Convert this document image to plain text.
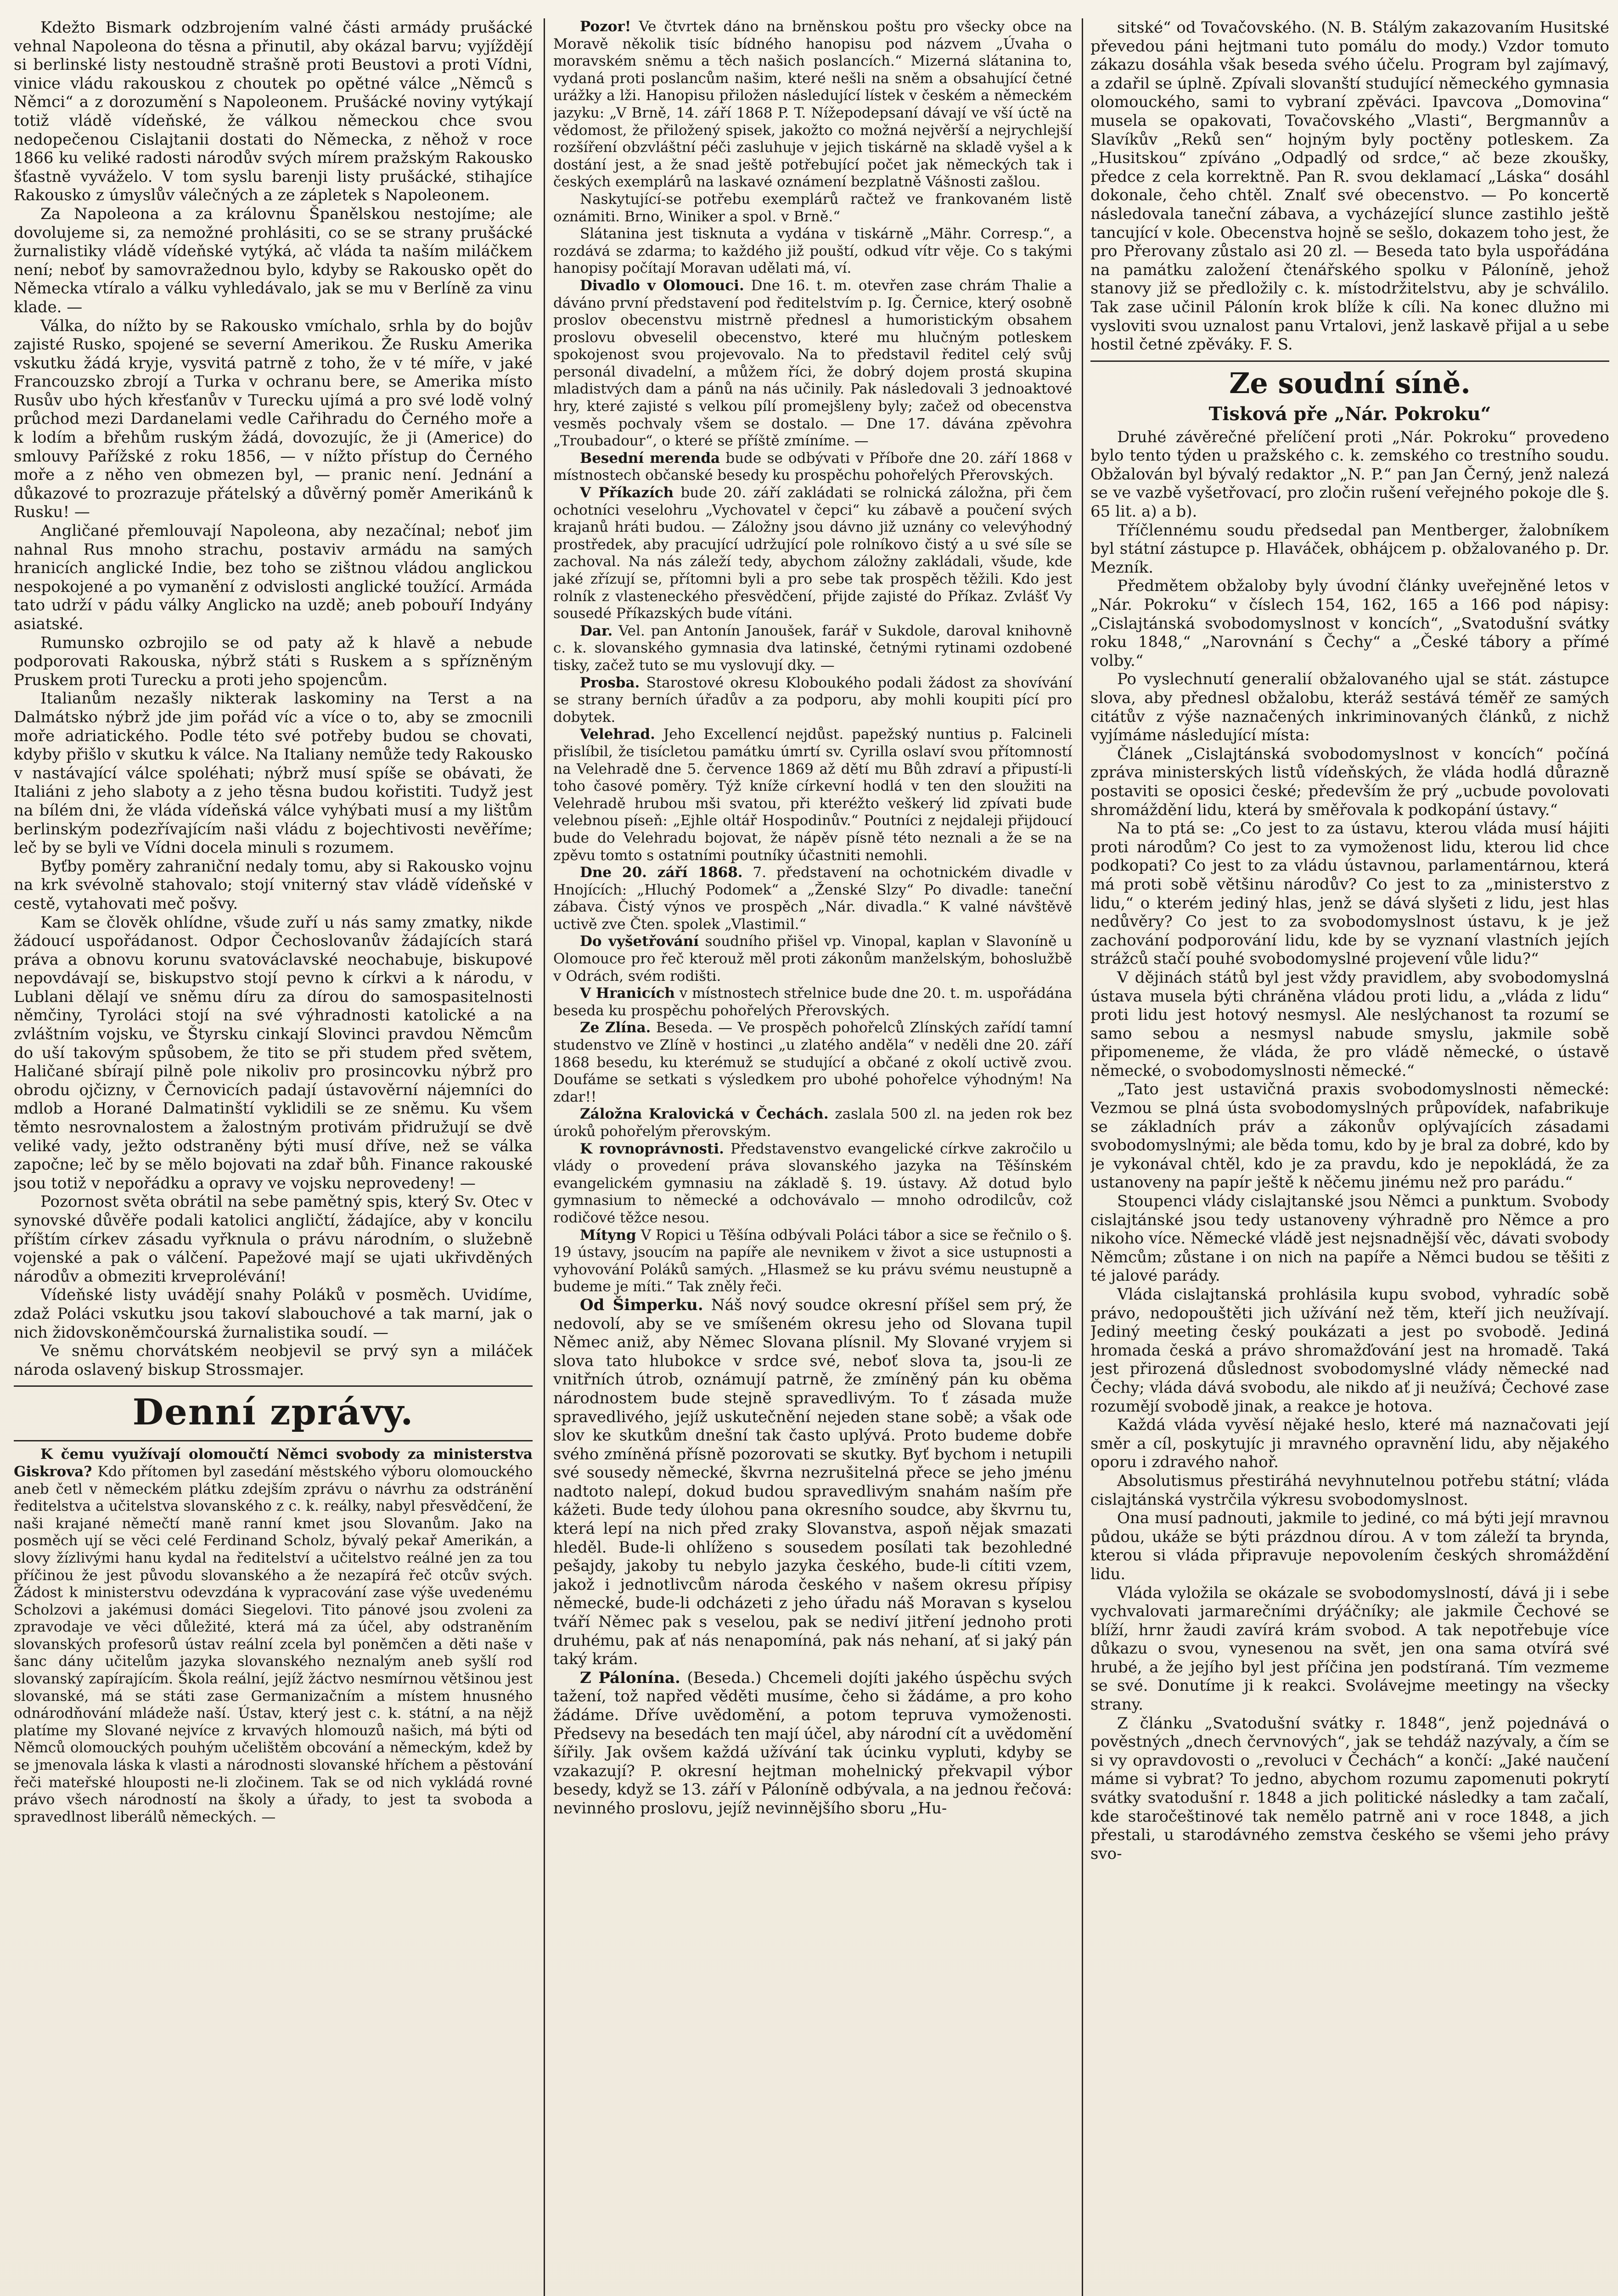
Kdežto Bismark odzbrojením valné části armády prušácké vehnal Napoleona do těsna a přinutil, aby okázal barvu; vyjíždějí si berlinské listy nestoudně strašně proti Beustovi a proti Vídni, vinice vládu rakouskou z choutek po opětné válce „Němců s Němci“ a z dorozumění s Napoleonem. Prušácké noviny vytýkají totiž vládě vídeňské, že válkou německou chce svou nedopečenou Cislajtanii dostati do Německa, z něhož v roce 1866 ku veliké radosti národův svých mírem pražským Rakousko šťastně vyváželo. V tom syslu barenji listy prušácké, stihajíce Rakousko z úmyslův válečných a ze zápletek s Napoleonem.

Za Napoleona a za královnu Španělskou nestojíme; ale dovolujeme si, za nemožné prohlásiti, co se se strany prušácké žurnalistiky vládě vídeňské vytýká, ač vláda ta naším miláčkem není; neboť by samovražednou bylo, kdyby se Rakousko opět do Německa vtíralo a válku vyhledávalo, jak se mu v Berlíně za vinu klade. —

Válka, do nížto by se Rakousko vmíchalo, srhla by do bojův zajisté Rusko, spojené se severní Amerikou. Že Rusku Amerika vskutku žádá kryje, vysvitá patrně z toho, že v té míře, v jaké Francouzsko zbrojí a Turka v ochranu bere, se Amerika místo Rusův ubo hých křesťanův v Turecku ujímá a pro své lodě volný průchod mezi Dardanelami vedle Cařihradu do Černého moře a k lodím a břehům ruským žádá, dovozujíc, že ji (Americe) do smlouvy Pařížské z roku 1856, — v nížto přístup do Černého moře a z něho ven obmezen byl, — pranic není. Jednání a důkazové to prozrazuje přátelský a důvěrný poměr Amerikánů k Rusku! —

Angličané přemlouvají Napoleona, aby nezačínal; neboť jim nahnal Rus mnoho strachu, postaviv armádu na samých hranicích anglické Indie, bez toho se zištnou vládou anglickou nespokojené a po vymanění z odvislosti anglické toužící. Armáda tato udrží v pádu války Anglicko na uzdě; aneb pobouří Indyány asiatské.

Rumunsko ozbrojilo se od paty až k hlavě a nebude podporovati Rakouska, nýbrž státi s Ruskem a s spřízněným Pruskem proti Turecku a proti jeho spojencům.

Italianům nezašly nikterak laskominy na Terst a na Dalmátsko nýbrž jde jim pořád víc a více o to, aby se zmocnili moře adriatického. Podle této své potřeby budou se chovati, kdyby přišlo v skutku k válce. Na Italiany nemůže tedy Rakousko v nastávající válce spoléhati; nýbrž musí spíše se obávati, že Italiáni z jeho slaboty a z jeho těsna budou kořistiti. Tudyž jest na bílém dni, že vláda vídeňská válce vyhýbati musí a my lištům berlinským podezřívajícím naši vládu z bojechtivosti nevěříme; leč by se byli ve Vídni docela minuli s rozumem.

Byťby poměry zahraniční nedaly tomu, aby si Rakousko vojnu na krk svévolně stahovalo; stojí vniterný stav vládě vídeňské v cestě, vytahovati meč pošvy.

Kam se člověk ohlídne, všude zuří u nás samy zmatky, nikde žádoucí uspořádanost. Odpor Čechoslovanův žádajících stará práva a obnovu korunu svatováclavské neochabuje, biskupové nepovdávají se, biskupstvo stojí pevno k církvi a k národu, v Lublani dělají ve sněmu díru za dírou do samospasitelnosti němčiny, Tyroláci stojí na své výhradnosti katolické a na zvláštním vojsku, ve Štyrsku cinkají Slovinci pravdou Němcům do uší takovým spůsobem, že tito se při studem před světem, Haličané sbírají pilně pole nikoliv pro prosincovku nýbrž pro obrodu ojčizny, v Černovicích padají ústavověrní nájemníci do mdlob a Horané Dalmatinští vyklidili se ze sněmu. Ku všem těmto nesrovnalostem a žalostným protivám přidružují se dvě veliké vady, ježto odstraněny býti musí dříve, než se válka započne; leč by se mělo bojovati na zdař bůh. Finance rakouské jsou totiž v nepořádku a opravy ve vojsku neprovedeny! —

Pozornost světa obrátil na sebe pamětný spis, který Sv. Otec v synovské důvěře podali katolici angličtí, žádajíce, aby v koncilu příštím církev zásadu vyřknula o právu národním, o služebně vojenské a pak o válčení. Papežové mají se ujati ukřivděných národův a obmeziti krveprolévání!

Vídeňské listy uvádějí snahy Poláků v posměch. Uvidíme, zdaž Poláci vskutku jsou takoví slabouchové a tak marní, jak o nich židovskoněmčourská žurnalistika soudí. —

Ve sněmu chorvátském neobjevil se prvý syn a miláček národa oslavený biskup Strossmajer.

Denní zprávy.

K čemu využívají olomoučtí Němci svobody za ministerstva Giskrova? Kdo přítomen byl zasedání městského výboru olomouckého aneb četl v německém plátku zdejším zprávu o návrhu za odstránění ředitelstva a učitelstva slovanského z c. k. reálky, nabyl přesvědčení, že naši krajané němečtí maně ranní kmet jsou Slovanům. Jako na posměch ují se věci celé Ferdinand Scholz, bývalý pekař Amerikán, a slovy žízlivými hanu kydal na ředitelství a učitelstvo reálné jen za tou příčinou že jest původu slovanského a že nezapírá řeč otcův svých. Žádost k ministerstvu odevzdána k vypracování zase výše uvedenému Scholzovi a jakémusi domáci Siegelovi. Tito pánové jsou zvoleni za zpravodaje ve věci důležité, která má za účel, aby odstraněním slovanských profesorů ústav reální zcela byl poněmčen a děti naše v šanc dány učitelům jazyka slovanského neznalým aneb syšlí rod slovanský zapírajícím. Škola reální, jejíž žáctvo nesmírnou většinou jest slovanské, má se státi zase Germanizačním a místem hnusného odnárodňování mládeže naší. Ústav, který jest c. k. státní, a na nějž platíme my Slované nejvíce z krvavých hlomouzů našich, má býti od Němců olomouckých pouhým učelištěm obcování a německým, kdež by se jmenovala láska k vlasti a národnosti slovanské hříchem a pěstování řeči mateřské hlouposti ne-li zločinem. Tak se od nich vykládá rovné právo všech národností na školy a úřady, to jest ta svoboda a spravedlnost liberálů německých. —

Pozor! Ve čtvrtek dáno na brněnskou poštu pro všecky obce na Moravě několik tisíc bídného hanopisu pod názvem „Úvaha o moravském sněmu a těch našich poslancích.“ Mizerná slátanina to, vydaná proti poslancům našim, které nešli na sněm a obsahující četné urážky a lži. Hanopisu přiložen následující lístek v českém a německém jazyku: „V Brně, 14. září 1868 P. T. Nížepodepsaní dávají ve vší úctě na vědomost, že přiložený spisek, jakožto co možná nejvěrší a nejrychlejší rozšíření obzvláštní péči zasluhuje v jejich tiskárně na skladě vyšel a k dostání jest, a že snad ještě potřebující počet jak německých tak i českých exemplárů na laskavé oznámení bezplatně Vášnosti zašlou.

Naskytující-se potřebu exemplárů račtež ve frankovaném listě oznámiti. Brno, Winiker a spol. v Brně.“

Slátanina jest tisknuta a vydána v tiskárně „Mähr. Corresp.“, a rozdává se zdarma; to každého již pouští, odkud vítr věje. Co s takými hanopisy počítají Moravan udělati má, ví.

Divadlo v Olomouci. Dne 16. t. m. otevřen zase chrám Thalie a dáváno první představení pod ředitelstvím p. Ig. Černice, který osobně proslov obecenstvu mistrně přednesl a humoristickým obsahem proslovu obveselil obecenstvo, které mu hlučným potleskem spokojenost svou projevovalo. Na to představil ředitel celý svůj personál divadelní, a můžem říci, že dobrý dojem prostá skupina mladistvých dam a pánů na nás učinily. Pak následovali 3 jednoaktové hry, které zajisté s velkou pílí promejšleny byly; začež od obecenstva vesměs pochvaly všem se dostalo. — Dne 17. dávána zpěvohra „Troubadour“, o které se příště zmíníme. —

Besední merenda bude se odbývati v Příboře dne 20. září 1868 v místnostech občanské besedy ku prospěchu pohořelých Přerovských.

V Příkazích bude 20. září zakládati se rolnická záložna, při čem ochotníci veselohru „Vychovatel v čepci“ ku zábavě a poučení svých krajanů hráti budou. — Záložny jsou dávno již uznány co velevýhodný prostředek, aby pracující udržující pole rolníkovo čistý a u své síle se zachoval. Na nás záleží tedy, abychom záložny zakládali, všude, kde jaké zřízují se, přítomni byli a pro sebe tak prospěch těžili. Kdo jest rolník z vlasteneckého přesvědčení, přijde zajisté do Příkaz. Zvlášť Vy sousedé Příkazských bude vítáni.

Dar. Vel. pan Antonín Janoušek, farář v Sukdole, daroval knihovně c. k. slovanského gymnasia dva latinské, četnými rytinami ozdobené tisky, začež tuto se mu vyslovují dky. —

Prosba. Starostové okresu Kloboukého podali žádost za shovívání se strany berních úřadův a za podporu, aby mohli koupiti pící pro dobytek.

Velehrad. Jeho Excellencí nejdůst. papežský nuntius p. Falcineli přislíbil, že tisícletou památku úmrtí sv. Cyrilla oslaví svou přítomností na Velehradě dne 5. července 1869 až dětí mu Bůh zdraví a připustí-li toho časové poměry. Týž kníže církevní hodlá v ten den sloužiti na Velehradě hrubou mši svatou, při kteréžto veškerý lid zpívati bude velebnou píseň: „Ejhle oltář Hospodinův.“ Poutníci z nejdaleji přijdoucí bude do Velehradu bojovat, že nápěv písně této neznali a že se na zpěvu tomto s ostatními poutníky účastniti nemohli.

Dne 20. září 1868. 7. představení na ochotnickém divadle v Hnojících: „Hluchý Podomek“ a „Ženské Slzy“ Po divadle: taneční zábava. Čistý výnos ve prospěch „Nár. divadla.“ K valné návštěvě uctivě zve Čten. spolek „Vlastimil.“

Do vyšetřování soudního přišel vp. Vinopal, kaplan v Slavoníně u Olomouce pro řeč kterouž měl proti zákonům manželským, bohoslužbě v Odrách, svém rodišti.

V Hranicích v místnostech střelnice bude dne 20. t. m. uspořádána beseda ku prospěchu pohořelých Přerovských.

Ze Zlína. Beseda. — Ve prospěch pohořelců Zlínských zařídí tamní studenstvo ve Zlíně v hostinci „u zlatého anděla“ v neděli dne 20. září 1868 besedu, ku kterémuž se studující a občané z okolí uctivě zvou. Doufáme se setkati s výsledkem pro ubohé pohořelce výhodným! Na zdar!!

Záložna Kralovická v Čechách. zaslala 500 zl. na jeden rok bez úroků pohořelým přerovským.

K rovnoprávnosti. Představenstvo evangelické církve zakročilo u vlády o provedení práva slovanského jazyka na Těšínském evangelickém gymnasiu na základě §. 19. ústavy. Až dotud bylo gymnasium to německé a odchovávalo — mnoho odrodilcův, což rodičové těžce nesou.

Mítyng V Ropici u Těšína odbývali Poláci tábor a sice se řečnilo o §. 19 ústavy, jsoucím na papíře ale nevnikem v život a sice ustupnosti a vyhovování Poláků samých. „Hlasmež se ku právu svému neustupně a budeme je míti.“ Tak zněly řeči.

Od Šimperku. Náš nový soudce okresní příšel sem prý, že nedovolí, aby se ve smíšeném okresu jeho od Slovana tupil Němec aniž, aby Němec Slovana plísnil. My Slované vryjem si slova tato hlubokce v srdce své, neboť slova ta, jsou-li ze vnitřních útrob, oznámují patrně, že zmíněný pán ku oběma národnostem bude stejně spravedlivým. To ť zásada muže spravedlivého, jejíž uskutečnění nejeden stane sobě; a však ode slov ke skutkům dnešní tak často uplývá. Proto budeme dobře svého zmíněná přísně pozorovati se skutky. Byť bychom i netupili své sousedy německé, škvrna nezrušitelná přece se jeho jménu nadtoto nalepí, dokud budou spravedlivým snahám naším pře kážeti. Bude tedy úlohou pana okresního soudce, aby škvrnu tu, která lepí na nich před zraky Slovanstva, aspoň nějak smazati hleděl. Bude-li ohlíženo s sousedem posílati tak bezohledné pešajdy, jakoby tu nebylo jazyka českého, bude-li cítiti vzem, jakož i jednotlivcům národa českého v našem okresu přípisy německé, bude-li odcházeti z jeho úřadu náš Moravan s kyselou tváří Němec pak s veselou, pak se nediví jitření jednoho proti druhému, pak ať nás nenapomíná, pak nás nehaní, ať si jaký pán taký krám.

Z Pálonína. (Beseda.) Chcemeli dojíti jakého úspěchu svých tažení, tož napřed věděti musíme, čeho si žádáme, a pro koho žádáme. Dříve uvědomění, a potom tepruva vymoženosti. Předsevy na besedách ten mají účel, aby národní cít a uvědomění šířily. Jak ovšem každá užívání tak úcinku vypluti, kdyby se vzakazují? P. okresní hejtman mohelnický překvapil výbor besedy, když se 13. září v Páloníně odbývala, a na jednou řečová: nevinného proslovu, jejíž nevinnějšího sboru „Hu-

sitské“ od Tovačovského. (N. B. Stálým zakazovaním Husitské převedou páni hejtmani tuto pomálu do mody.) Vzdor tomuto zákazu dosáhla však beseda svého účelu. Program byl zajímavý, a zdařil se úplně. Zpívali slovanští studující německého gymnasia olomouckého, sami to vybraní zpěváci. Ipavcova „Domovina“ musela se opakovati, Tovačovského „Vlasti“, Bergmannův a Slavíkův „Reků sen“ hojným byly poctěny potleskem. Za „Husitskou“ zpíváno „Odpadlý od srdce,“ ač beze zkoušky, předce z cela korrektně. Pan R. svou deklamací „Láska“ dosáhl dokonale, čeho chtěl. Znalť své obecenstvo. — Po koncertě následovala taneční zábava, a vycházející slunce zastihlo ještě tancující v kole. Obecenstva hojně se sešlo, dokazem toho jest, že pro Přerovany zůstalo asi 20 zl. — Beseda tato byla uspořádána na památku založení čtenářského spolku v Páloníně, jehož stanovy již se předložily c. k. místodržitelstvu, aby je schválilo. Tak zase učinil Pálonín krok blíže k cíli. Na konec dlužno mi vysloviti svou uznalost panu Vrtalovi, jenž laskavě přijal a u sebe hostil četné zpěváky. F. S.

Ze soudní síně.
Tisková pře „Nár. Pokroku“

Druhé závěrečné přelíčení proti „Nár. Pokroku“ provedeno bylo tento týden u pražského c. k. zemského co trestního soudu. Obžalován byl bývalý redaktor „N. P.“ pan Jan Černý, jenž nalezá se ve vazbě vyšetřovací, pro zločin rušení veřejného pokoje dle §. 65 lit. a) a b).

Tříčlennému soudu předsedal pan Mentberger, žalobníkem byl státní zástupce p. Hlaváček, obhájcem p. obžalovaného p. Dr. Mezník.

Předmětem obžaloby byly úvodní články uveřejněné letos v „Nár. Pokroku“ v číslech 154, 162, 165 a 166 pod nápisy: „Cislajtánská svobodomyslnost v koncích“, „Svatodušní svátky roku 1848,“ „Narovnání s Čechy“ a „České tábory a přímé volby.“

Po vyslechnutí generalií obžalovaného ujal se stát. zástupce slova, aby přednesl obžalobu, kteráž sestává téměř ze samých citátův z výše naznačených inkriminovaných článků, z nichž vyjímáme následující místa:

Článek „Cislajtánská svobodomyslnost v koncích“ počíná zpráva ministerských listů vídeňských, že vláda hodlá důrazně postaviti se oposici české; především že prý „ucbude povolovati shromáždění lidu, která by směřovala k podkopání ústavy.“

Na to ptá se: „Co jest to za ústavu, kterou vláda musí hájiti proti národům? Co jest to za vymoženost lidu, kterou lid chce podkopati? Co jest to za vládu ústavnou, parlamentárnou, která má proti sobě většinu národův? Co jest to za „ministerstvo z lidu,“ o kterém jediný hlas, jenž se dává slyšeti z lidu, jest hlas nedůvěry? Co jest to za svobodomyslnost ústavu, k je jež zachování podporování lidu, kde by se vyznaní vlastních jejích strážců stačí pouhé svobodomyslné projevení vůle lidu?“

V dějinách států byl jest vždy pravidlem, aby svobodomyslná ústava musela býti chráněna vládou proti lidu, a „vláda z lidu“ proti lidu jest hotový nesmysl. Ale neslýchanost ta rozumí se samo sebou a nesmysl nabude smyslu, jakmile sobě připomeneme, že vláda, že pro vládě německé, o ústavě německé, o svobodomyslnosti německé.“

„Tato jest ustavičná praxis svobodomyslnosti německé: Vezmou se plná ústa svobodomyslných průpovídek, nafabrikuje se základních práv a zákonův oplývajících zásadami svobodomyslnými; ale běda tomu, kdo by je bral za dobré, kdo by je vykonával chtěl, kdo je za pravdu, kdo je nepokládá, že za ustanoveny na papír ještě k něčemu jinému než pro parádu.“

Stoupenci vlády cislajtanské jsou Němci a punktum. Svobody cislajtánské jsou tedy ustanoveny výhradně pro Němce a pro nikoho více. Německé vládě jest nejsnadnější věc, dávati svobody Němcům; zůstane i on nich na papíře a Němci budou se těšiti z té jalové parády.

Vláda cislajtanská prohlásila kupu svobod, vyhradíc sobě právo, nedopouštěti jich užívání než těm, kteří jich neužívají. Jediný meeting český poukázati a jest po svobodě. Jediná hromada česká a právo shromažďování jest na hromadě. Taká jest přirozená důslednost svobodomyslné vlády německé nad Čechy; vláda dává svobodu, ale nikdo ať ji neužívá; Čechové zase rozumějí svobodě jinak, a reakce je hotova.

Každá vláda vyvěsí nějaké heslo, které má naznačovati její směr a cíl, poskytujíc ji mravného opravnění lidu, aby nějakého oporu i zdravého nahoř.

Absolutismus přestiráhá nevyhnutelnou potřebu státní; vláda cislajtánská vystrčila výkresu svobodomyslnost.

Ona musí padnouti, jakmile to jediné, co má býti její mravnou půdou, ukáže se býti prázdnou dírou. A v tom záleží ta brynda, kterou si vláda připravuje nepovolením českých shromáždění lidu.

Vláda vyložila se okázale se svobodomyslností, dává ji i sebe vychvalovati jarmarečními drýáčníky; ale jakmile Čechové se blíží, hrnr žaudi zavírá krám svobod. A tak nepotřebuje více důkazu o svou, vynesenou na svět, jen ona sama otvírá své hrubé, a že jejího byl jest příčina jen podstíraná. Tím vezmeme se své. Donutíme ji k reakci. Svolávejme meetingy na všecky strany.

Z článku „Svatodušní svátky r. 1848“, jenž pojednává o pověstných „dnech červnových“, jak se tehdáž nazývaly, a čím se si vy opravdovosti o „revoluci v Čechách“ a končí: „Jaké naučení máme si vybrat? To jedno, abychom rozumu zapomenuti pokrytí svátky svatodušní r. 1848 a jich politické následky a tam začalí, kde staročeštinové tak nemělo patrně ani v roce 1848, a jich přestali, u starodávného zemstva českého se všemi jeho právy svo-
